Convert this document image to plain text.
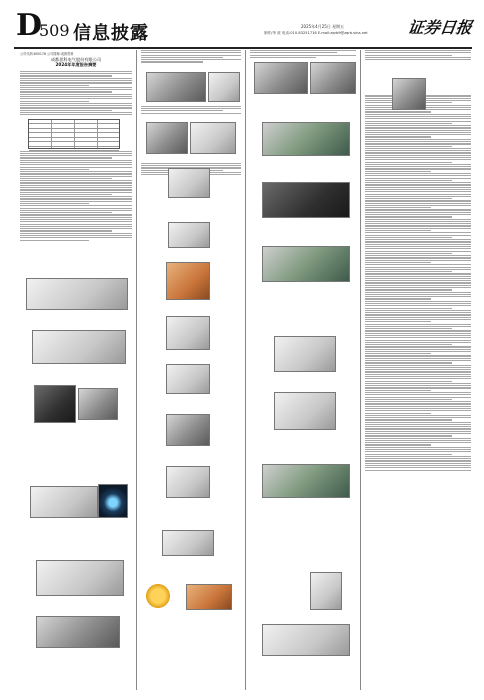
D
509 信息披露	2025年4月25日 星期五
制作/李 波 电话:010-83251716 E-mail:zqrb9@zqrb.sina.net 证券日报
公司代码:605178 公司简称:成都思科
成都思科电气股份有限公司
2024年年度报告摘要
